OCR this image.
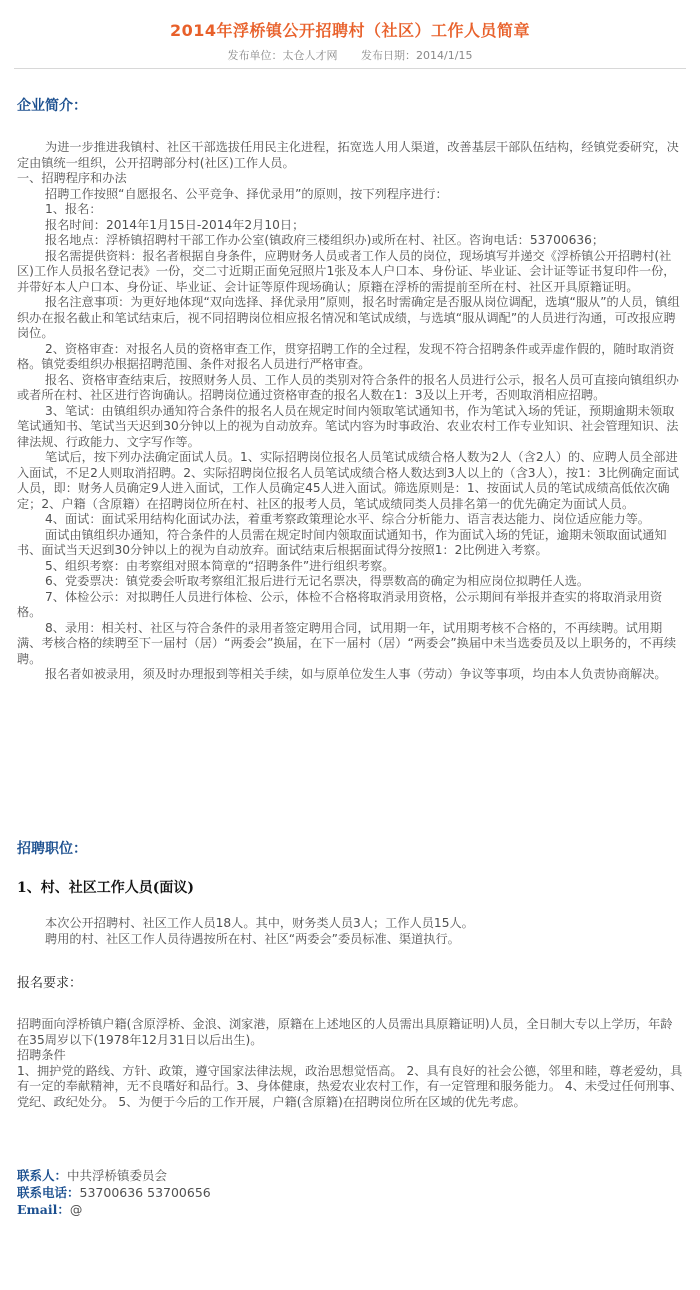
2014年浮桥镇公开招聘村（社区）工作人员简章
发布单位：太仓人才网 发布日期：2014/1/15
企业简介：

为进一步推进我镇村、社区干部选拔任用民主化进程，拓宽选人用人渠道，改善基层干部队伍结构，经镇党委研究，决定由镇统一组织，公开招聘部分村(社区)工作人员。

一、招聘程序和办法

招聘工作按照“自愿报名、公平竞争、择优录用”的原则，按下列程序进行：

1、报名：

报名时间：2014年1月15日-2014年2月10日；

报名地点：浮桥镇招聘村干部工作办公室(镇政府三楼组织办)或所在村、社区。咨询电话：53700636；

报名需提供资料：报名者根据自身条件，应聘财务人员或者工作人员的岗位，现场填写并递交《浮桥镇公开招聘村(社区)工作人员报名登记表》一份，交二寸近期正面免冠照片1张及本人户口本、身份证、毕业证、会计证等证书复印件一份，并带好本人户口本、身份证、毕业证、会计证等原件现场确认；原籍在浮桥的需提前至所在村、社区开具原籍证明。

报名注意事项：为更好地体现“双向选择、择优录用”原则，报名时需确定是否服从岗位调配，选填“服从”的人员，镇组织办在报名截止和笔试结束后，视不同招聘岗位相应报名情况和笔试成绩，与选填“服从调配”的人员进行沟通，可改报应聘岗位。

2、资格审查：对报名人员的资格审查工作，贯穿招聘工作的全过程，发现不符合招聘条件或弄虚作假的，随时取消资格。镇党委组织办根据招聘范围、条件对报名人员进行严格审查。

报名、资格审查结束后，按照财务人员、工作人员的类别对符合条件的报名人员进行公示，报名人员可直接向镇组织办或者所在村、社区进行咨询确认。招聘岗位通过资格审查的报名人数在1：3及以上开考，否则取消相应招聘。

3、笔试：由镇组织办通知符合条件的报名人员在规定时间内领取笔试通知书，作为笔试入场的凭证，预期逾期未领取笔试通知书、笔试当天迟到30分钟以上的视为自动放弃。笔试内容为时事政治、农业农村工作专业知识、社会管理知识、法律法规、行政能力、文字写作等。

笔试后，按下列办法确定面试人员。1、实际招聘岗位报名人员笔试成绩合格人数为2人（含2人）的、应聘人员全部进入面试，不足2人则取消招聘。2、实际招聘岗位报名人员笔试成绩合格人数达到3人以上的（含3人），按1：3比例确定面试人员，即：财务人员确定9人进入面试，工作人员确定45人进入面试。筛选原则是：1、按面试人员的笔试成绩高低依次确定；2、户籍（含原籍）在招聘岗位所在村、社区的报考人员，笔试成绩同类人员排名第一的优先确定为面试人员。

4、面试：面试采用结构化面试办法，着重考察政策理论水平、综合分析能力、语言表达能力、岗位适应能力等。

面试由镇组织办通知，符合条件的人员需在规定时间内领取面试通知书，作为面试入场的凭证，逾期未领取面试通知书、面试当天迟到30分钟以上的视为自动放弃。面试结束后根据面试得分按照1：2比例进入考察。

5、组织考察：由考察组对照本简章的“招聘条件”进行组织考察。

6、党委票决：镇党委会听取考察组汇报后进行无记名票决，得票数高的确定为相应岗位拟聘任人选。

7、体检公示：对拟聘任人员进行体检、公示，体检不合格将取消录用资格，公示期间有举报并查实的将取消录用资格。

8、录用：相关村、社区与符合条件的录用者签定聘用合同，试用期一年，试用期考核不合格的，不再续聘。试用期满、考核合格的续聘至下一届村（居）“两委会”换届，在下一届村（居）“两委会”换届中未当选委员及以上职务的，不再续聘。

报名者如被录用，须及时办理报到等相关手续，如与原单位发生人事（劳动）争议等事项，均由本人负责协商解决。

招聘职位：
1、村、社区工作人员(面议)

本次公开招聘村、社区工作人员18人。其中，财务类人员3人；工作人员15人。

聘用的村、社区工作人员待遇按所在村、社区“两委会”委员标准、渠道执行。

报名要求：

招聘面向浮桥镇户籍(含原浮桥、金浪、浏家港，原籍在上述地区的人员需出具原籍证明)人员，全日制大专以上学历，年龄在35周岁以下(1978年12月31日以后出生)。

招聘条件

1、拥护党的路线、方针、政策，遵守国家法律法规，政治思想觉悟高。 2、具有良好的社会公德，邻里和睦，尊老爱幼，具有一定的奉献精神，无不良嗜好和品行。3、身体健康，热爱农业农村工作，有一定管理和服务能力。 4、未受过任何刑事、党纪、政纪处分。 5、为便于今后的工作开展，户籍(含原籍)在招聘岗位所在区域的优先考虑。

联系人：中共浮桥镇委员会
联系电话：53700636 53700656
Email：@
